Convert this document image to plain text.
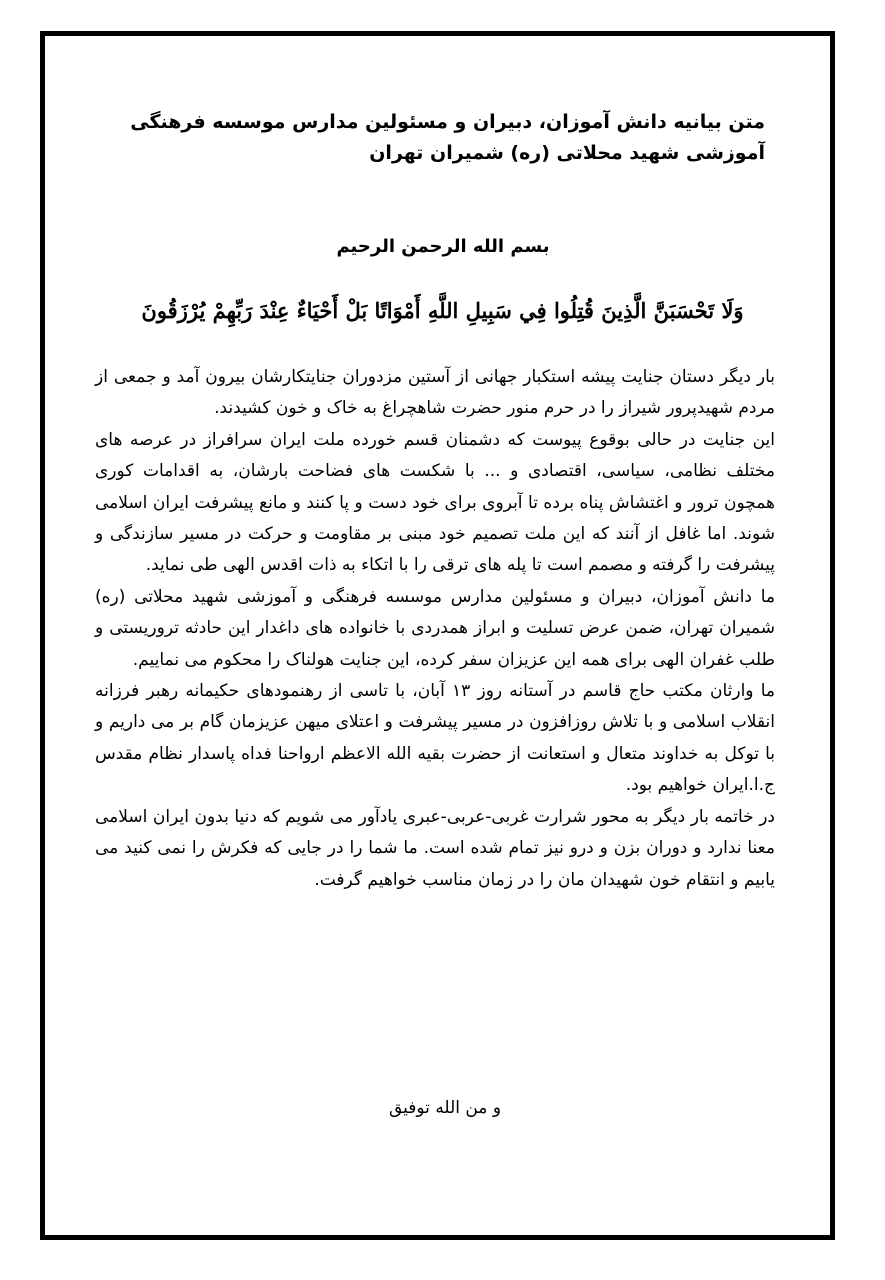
متن بیانیه دانش آموزان، دبیران و مسئولین مدارس موسسه فرهنگی آموزشی شهید محلاتی (ره) شمیران تهران

بسم الله الرحمن الرحیم

وَلَا تَحْسَبَنَّ الَّذِينَ قُتِلُوا فِي سَبِيلِ اللَّهِ أَمْوَاتًا بَلْ أَحْيَاءٌ عِنْدَ رَبِّهِمْ يُرْزَقُونَ

بار دیگر دستان جنایت پیشه استکبار جهانی از آستین مزدوران جنایتکارشان بیرون آمد و جمعی از مردم شهیدپرور شیراز را در حرم منور حضرت شاهچراغ به خاک و خون کشیدند.

این جنایت در حالی بوقوع پیوست که دشمنان قسم خورده ملت ایران سرافراز در عرصه های مختلف نظامی، سیاسی، اقتصادی و ... با شکست های فضاحت بارشان، به اقدامات کوری همچون ترور و اغتشاش پناه برده تا آبروی برای خود دست و پا کنند و مانع پیشرفت ایران اسلامی شوند. اما غافل از آنند که این ملت تصمیم خود مبنی بر مقاومت و حرکت در مسیر سازندگی و پیشرفت را گرفته و مصمم است تا پله های ترقی را با اتکاء به ذات اقدس الهی طی نماید.

ما دانش آموزان، دبیران و مسئولین مدارس موسسه فرهنگی و آموزشی شهید محلاتی (ره) شمیران تهران، ضمن عرض تسلیت و ابراز همدردی با خانواده های داغدار این حادثه تروریستی و طلب غفران الهی برای همه این عزیزان سفر کرده، این جنایت هولناک را محکوم می نماییم.

ما وارثان مکتب حاج قاسم در آستانه روز ۱۳ آبان، با تاسی از رهنمودهای حکیمانه رهبر فرزانه انقلاب اسلامی و با تلاش روزافزون در مسیر پیشرفت و اعتلای میهن عزیزمان گام بر می داریم و با توکل به خداوند متعال و استعانت از حضرت بقیه الله الاعظم ارواحنا فداه پاسدار نظام مقدس ج.ا.ایران خواهیم بود.

در خاتمه بار دیگر به محور شرارت غربی-عربی-عبری یادآور می شویم که دنیا بدون ایران اسلامی معنا ندارد و دوران بزن و درو نیز تمام شده است. ما شما را در جایی که فکرش را نمی کنید می یابیم و انتقام خون شهیدان مان را در زمان مناسب خواهیم گرفت.

و من الله توفیق
